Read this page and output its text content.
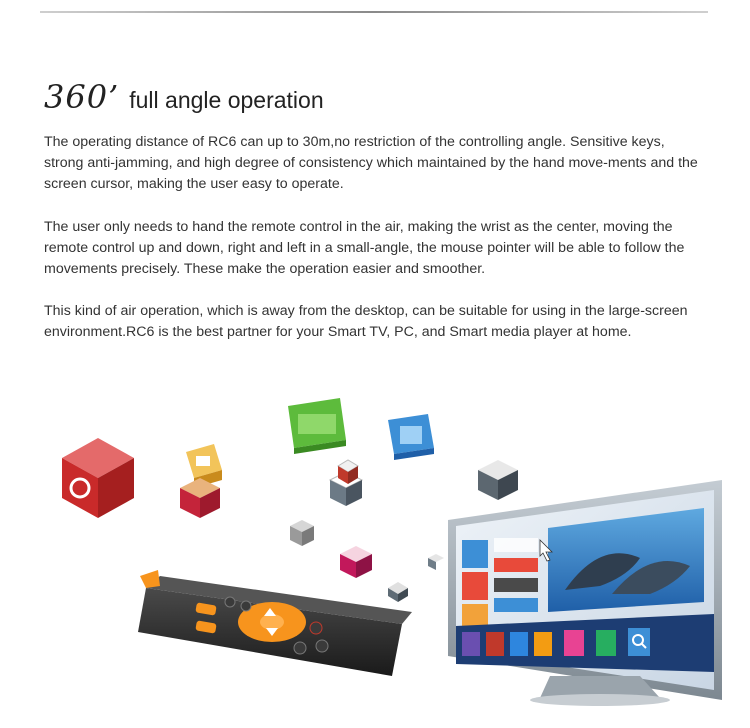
360’ full angle operation

The operating distance of RC6 can up to 30m,no restriction of the controlling angle. Sensitive keys, strong anti-jamming, and high degree of consistency which maintained by the hand move-ments and the screen cursor, making the user easy to operate.

The user only needs to hand the remote control in the air, making the wrist as the center, moving the remote control up and down, right and left in a small-angle, the mouse pointer will be able to follow the movements precisely. These make the operation easier and smoother.

This kind of air operation, which is away from the desktop, can be suitable for using in the large-screen environment.RC6 is the best partner for your Smart TV, PC, and Smart media player at home.
